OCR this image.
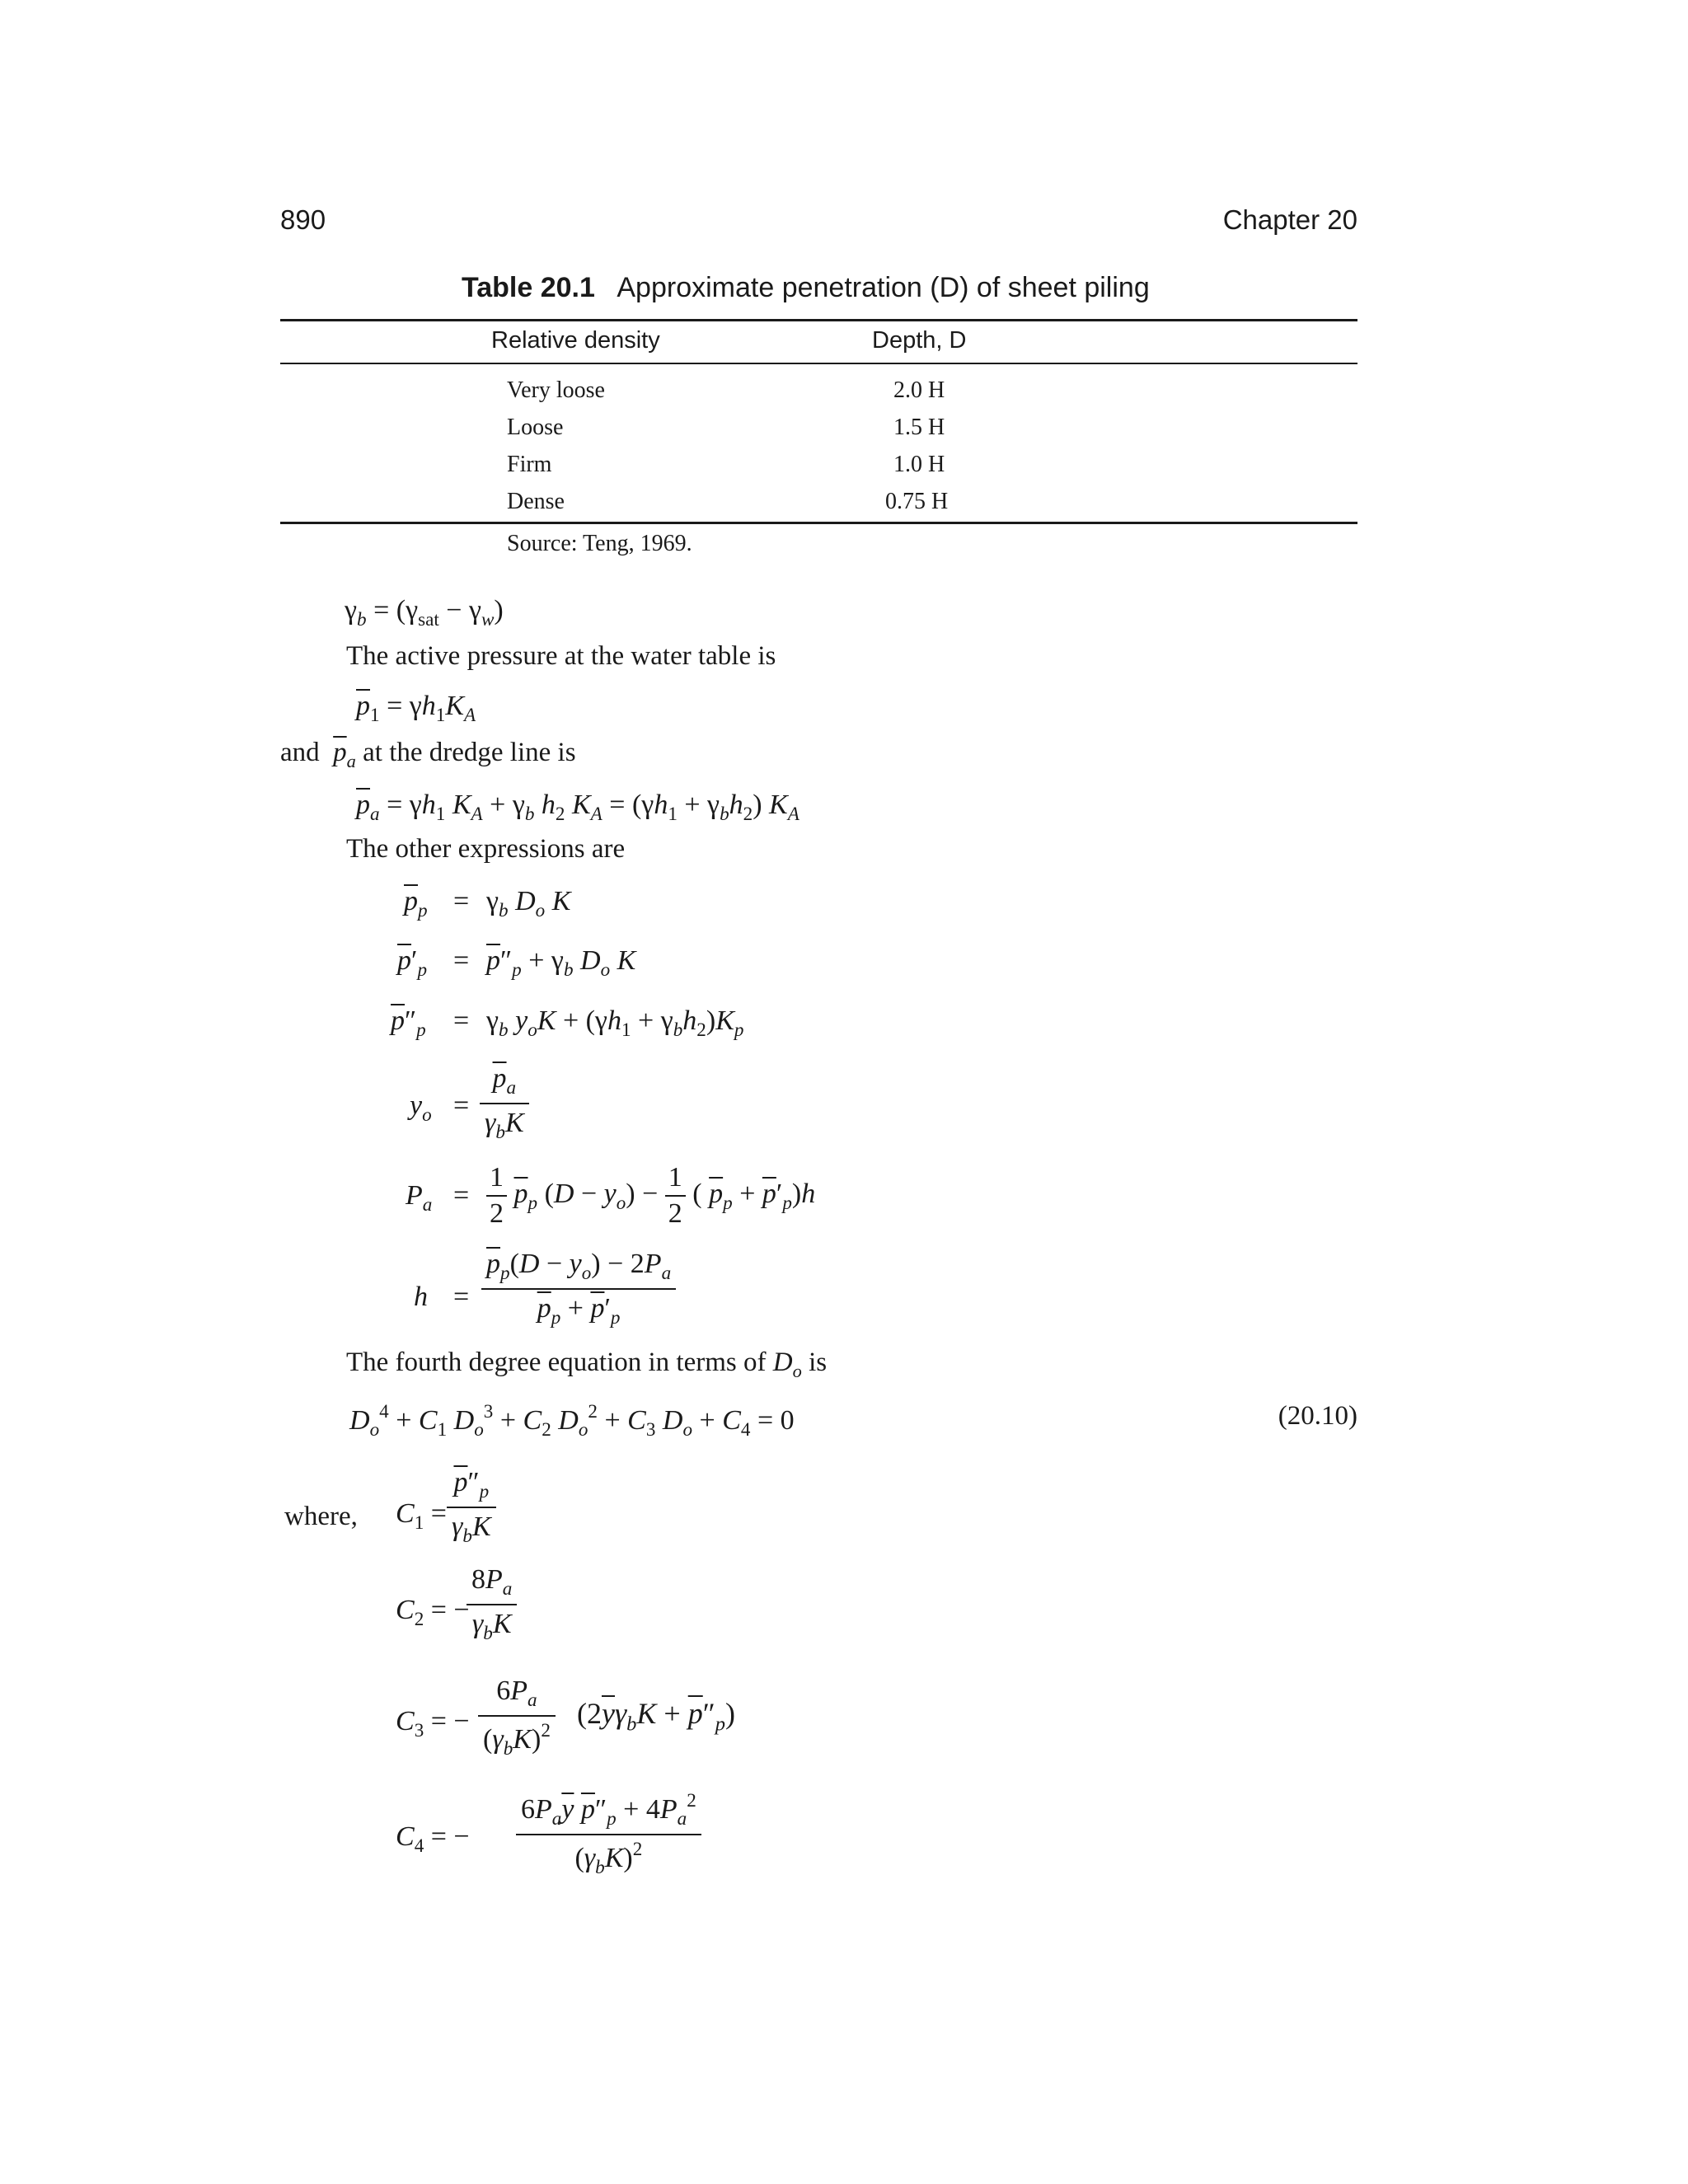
890	Chapter 20
Table 20.1 Approximate penetration (D) of sheet piling
Relative density	Depth, D
Very loose	2.0 H
Loose	1.5 H
Firm	1.0 H
Dense	0.75 H
Source: Teng, 1969.
$\gamma_b = (\gamma_{sat} - \gamma_w)$
The active pressure at the water table is
$\overline{p}_1 = \gamma h_1K_A$
and $\overline{p}_a$ at the dredge line is
$\overline{p}_a = \gamma h_1$ $K_A + \gamma_b$ $h_2$ $K_A = (\gamma h_1 + \gamma_bh_2)$ $K_A$
The other expressions are
$\overline{p}_p = \gamma_b$ $D_o$ K
$\overline{p}'_p = \overline{p}''_p + \gamma_b$ $D_o$ K
$\overline{p}''_p = \gamma_b$ $y_oK + (\gamma h_1 + \gamma_bh_2)K_p$
$y_o$ =
$\overline{p}_a$
$\gamma_bK$
$P_a = \frac{1}{2} \overline{p}_p$ $(D - y_o) - \frac{1}{2}$ ( $\overline{p}_p + \overline{p}'_p)h$
$h = \frac{\overline{p}_p(D - y_o) - 2P_a}{\overline{p}_p + \overline{p}'_p}$
The fourth degree equation in terms of $D_o$ is
$D_o^4 + C_1$ $D_o^3 + C_2$ $D_o^2 + C_3$ $D_o + C_4 = 0$	(20.10)
where, $C_1$ =
$\overline{p}''_p$
$\gamma_bK$
$C_2$ = −
$8P_a$
$\gamma_bK$
$C_3$ = −
$6P_a$
$(\gamma_bK)^2$
$(2\overline{y}\gamma_bK + \overline{p}''_p)$
$C_4$ = −
$6P_a\overline{y}$ $\overline{p}''_p + 4P_a^2$
$(\gamma_bK)^2$
